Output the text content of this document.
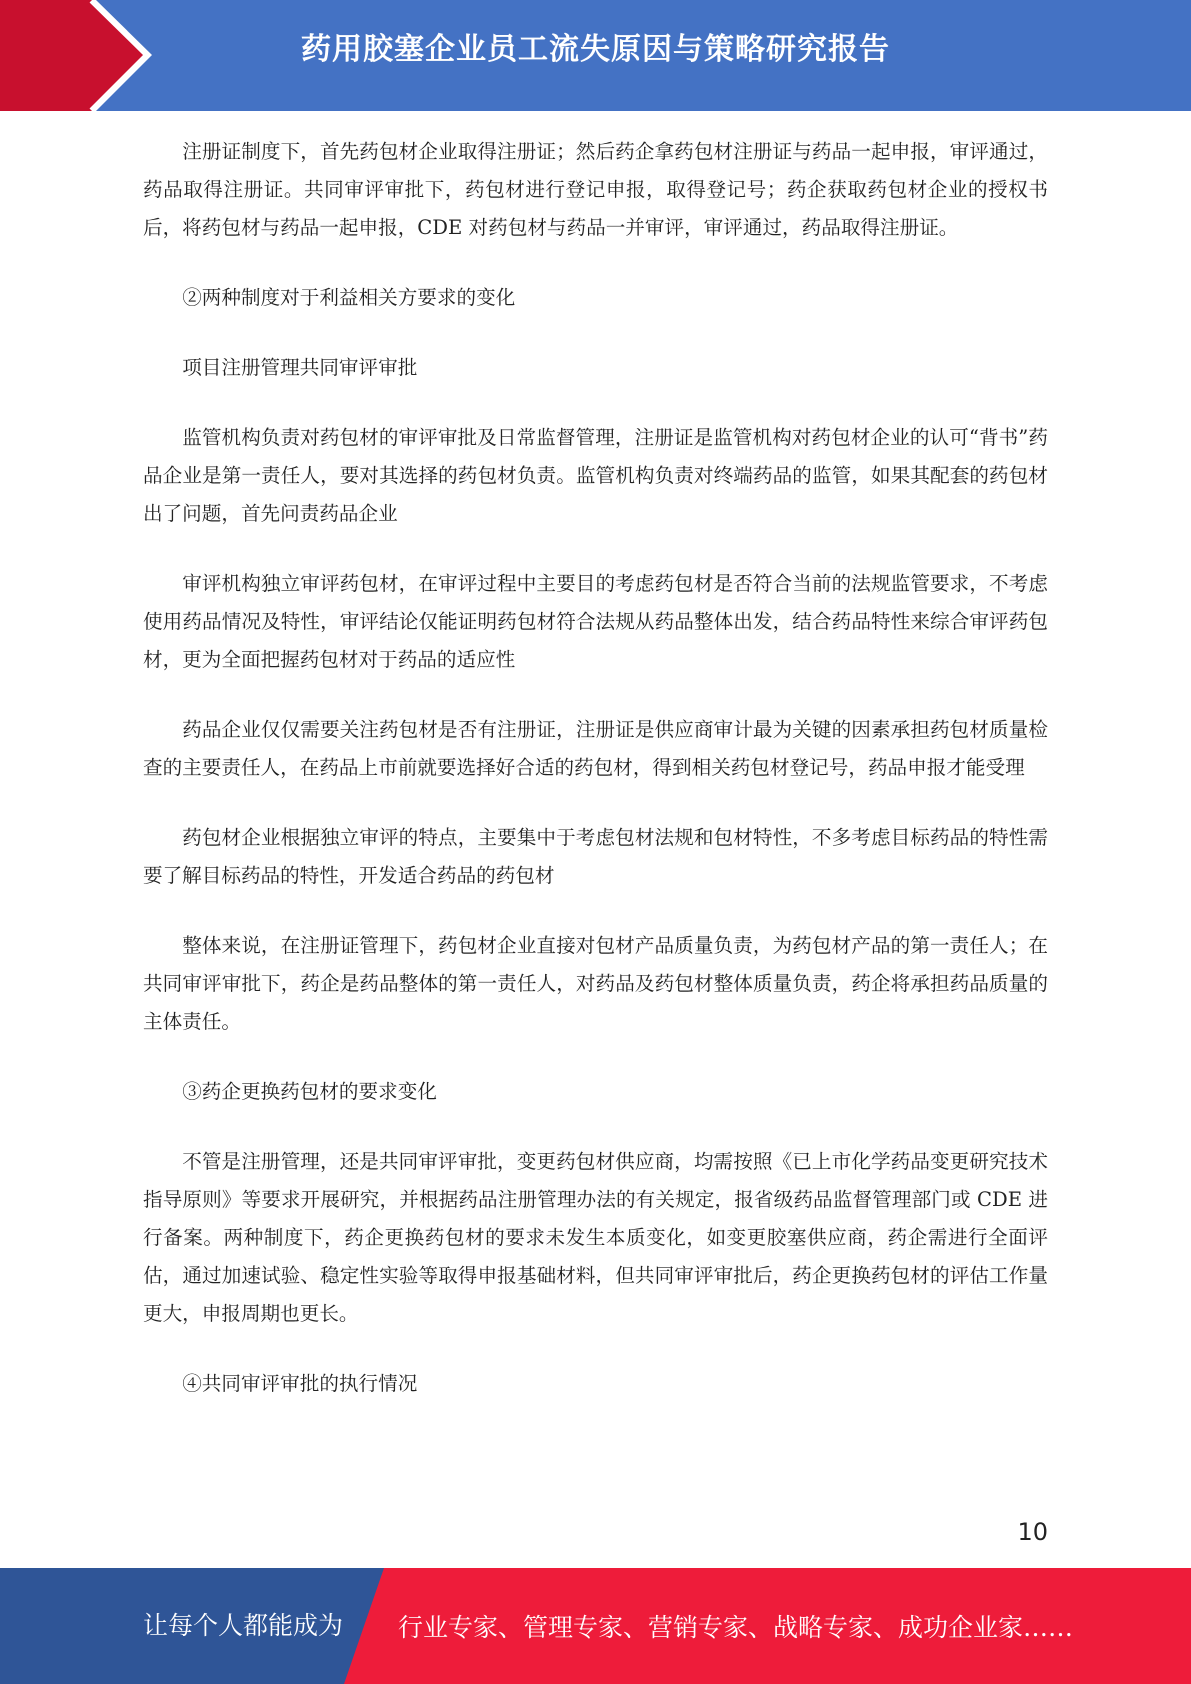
药用胶塞企业员工流失原因与策略研究报告

注册证制度下，首先药包材企业取得注册证；然后药企拿药包材注册证与药品一起申报，审评通过，药品取得注册证。共同审评审批下，药包材进行登记申报，取得登记号；药企获取药包材企业的授权书后，将药包材与药品一起申报，CDE 对药包材与药品一并审评，审评通过，药品取得注册证。

②两种制度对于利益相关方要求的变化

项目注册管理共同审评审批

监管机构负责对药包材的审评审批及日常监督管理，注册证是监管机构对药包材企业的认可“背书”药品企业是第一责任人，要对其选择的药包材负责。监管机构负责对终端药品的监管，如果其配套的药包材出了问题，首先问责药品企业

审评机构独立审评药包材，在审评过程中主要目的考虑药包材是否符合当前的法规监管要求，不考虑使用药品情况及特性，审评结论仅能证明药包材符合法规从药品整体出发，结合药品特性来综合审评药包材，更为全面把握药包材对于药品的适应性

药品企业仅仅需要关注药包材是否有注册证，注册证是供应商审计最为关键的因素承担药包材质量检查的主要责任人，在药品上市前就要选择好合适的药包材，得到相关药包材登记号，药品申报才能受理

药包材企业根据独立审评的特点，主要集中于考虑包材法规和包材特性，不多考虑目标药品的特性需要了解目标药品的特性，开发适合药品的药包材

整体来说，在注册证管理下，药包材企业直接对包材产品质量负责，为药包材产品的第一责任人；在共同审评审批下，药企是药品整体的第一责任人，对药品及药包材整体质量负责，药企将承担药品质量的主体责任。

③药企更换药包材的要求变化

不管是注册管理，还是共同审评审批，变更药包材供应商，均需按照《已上市化学药品变更研究技术指导原则》等要求开展研究，并根据药品注册管理办法的有关规定，报省级药品监督管理部门或 CDE 进行备案。两种制度下，药企更换药包材的要求未发生本质变化，如变更胶塞供应商，药企需进行全面评估，通过加速试验、稳定性实验等取得申报基础材料，但共同审评审批后，药企更换药包材的评估工作量更大，申报周期也更长。

④共同审评审批的执行情况

10
让每个人都能成为 行业专家、管理专家、营销专家、战略专家、成功企业家……
